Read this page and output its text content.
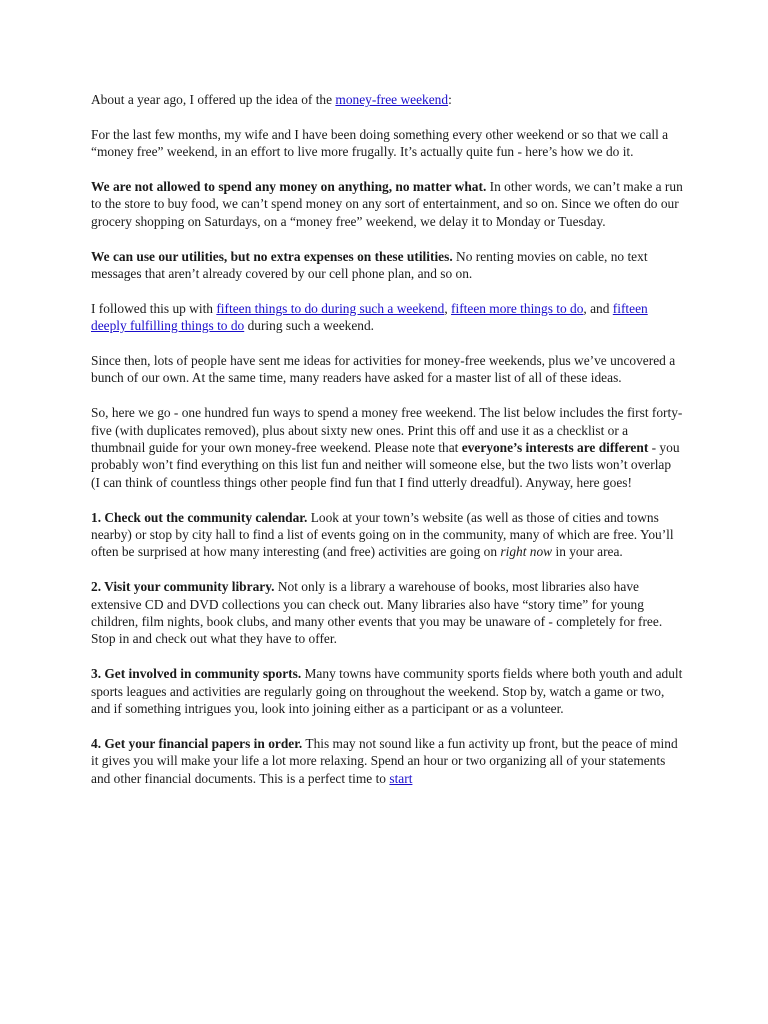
About a year ago, I offered up the idea of the money-free weekend:

For the last few months, my wife and I have been doing something every other weekend or so that we call a “money free” weekend, in an effort to live more frugally. It’s actually quite fun - here’s how we do it.

We are not allowed to spend any money on anything, no matter what. In other words, we can’t make a run to the store to buy food, we can’t spend money on any sort of entertainment, and so on. Since we often do our grocery shopping on Saturdays, on a “money free” weekend, we delay it to Monday or Tuesday.

We can use our utilities, but no extra expenses on these utilities. No renting movies on cable, no text messages that aren’t already covered by our cell phone plan, and so on.

I followed this up with fifteen things to do during such a weekend, fifteen more things to do, and fifteen deeply fulfilling things to do during such a weekend.

Since then, lots of people have sent me ideas for activities for money-free weekends, plus we’ve uncovered a bunch of our own. At the same time, many readers have asked for a master list of all of these ideas.

So, here we go - one hundred fun ways to spend a money free weekend. The list below includes the first forty-five (with duplicates removed), plus about sixty new ones. Print this off and use it as a checklist or a thumbnail guide for your own money-free weekend. Please note that everyone’s interests are different - you probably won’t find everything on this list fun and neither will someone else, but the two lists won’t overlap (I can think of countless things other people find fun that I find utterly dreadful). Anyway, here goes!

1. Check out the community calendar. Look at your town’s website (as well as those of cities and towns nearby) or stop by city hall to find a list of events going on in the community, many of which are free. You’ll often be surprised at how many interesting (and free) activities are going on right now in your area.

2. Visit your community library. Not only is a library a warehouse of books, most libraries also have extensive CD and DVD collections you can check out. Many libraries also have “story time” for young children, film nights, book clubs, and many other events that you may be unaware of - completely for free. Stop in and check out what they have to offer.

3. Get involved in community sports. Many towns have community sports fields where both youth and adult sports leagues and activities are regularly going on throughout the weekend. Stop by, watch a game or two, and if something intrigues you, look into joining either as a participant or as a volunteer.

4. Get your financial papers in order. This may not sound like a fun activity up front, but the peace of mind it gives you will make your life a lot more relaxing. Spend an hour or two organizing all of your statements and other financial documents. This is a perfect time to start
